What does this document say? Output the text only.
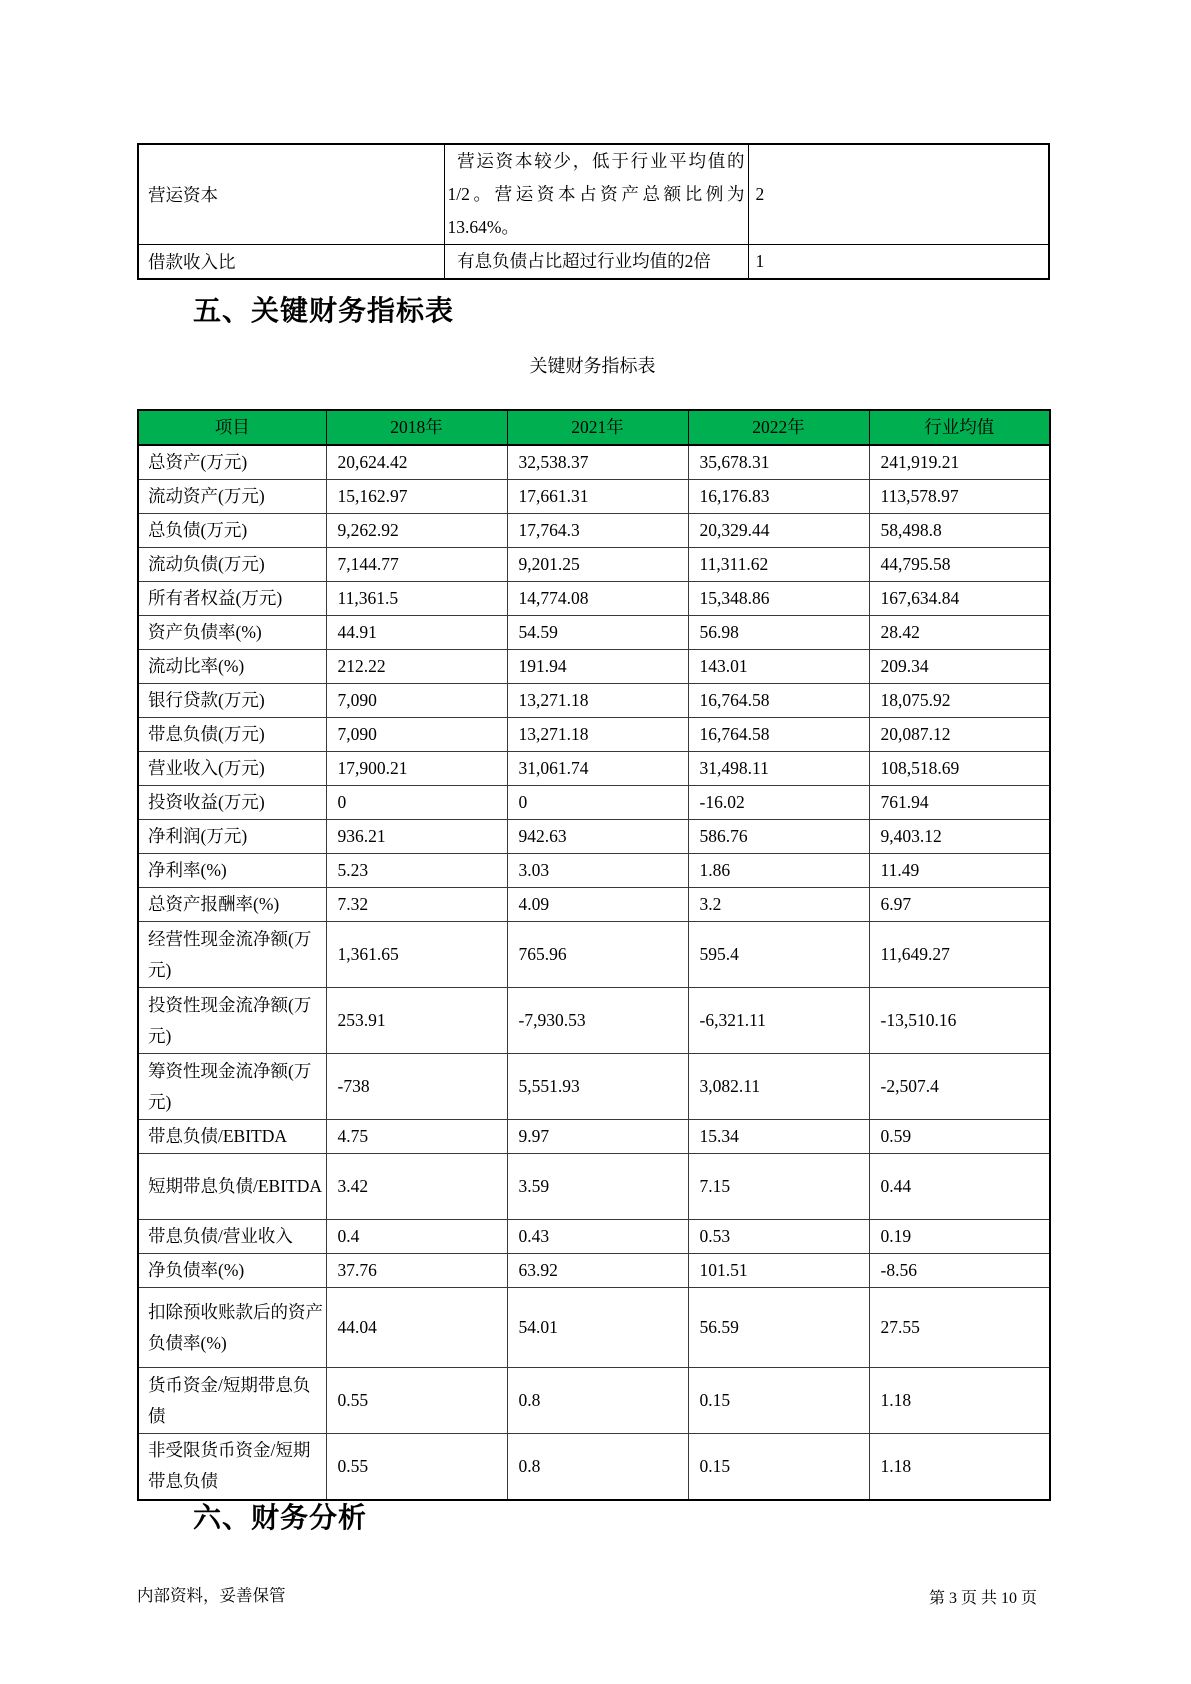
营运资本	营运资本较少，低于行业平均值的1/2。营运资本占资产总额比例为13.64%。	2
借款收入比	有息负债占比超过行业均值的2倍	1
五、关键财务指标表
关键财务指标表
项目	2018年	2021年	2022年	行业均值
总资产(万元)	20,624.42	32,538.37	35,678.31	241,919.21
流动资产(万元)	15,162.97	17,661.31	16,176.83	113,578.97
总负债(万元)	9,262.92	17,764.3	20,329.44	58,498.8
流动负债(万元)	7,144.77	9,201.25	11,311.62	44,795.58
所有者权益(万元)	11,361.5	14,774.08	15,348.86	167,634.84
资产负债率(%)	44.91	54.59	56.98	28.42
流动比率(%)	212.22	191.94	143.01	209.34
银行贷款(万元)	7,090	13,271.18	16,764.58	18,075.92
带息负债(万元)	7,090	13,271.18	16,764.58	20,087.12
营业收入(万元)	17,900.21	31,061.74	31,498.11	108,518.69
投资收益(万元)	0	0	-16.02	761.94
净利润(万元)	936.21	942.63	586.76	9,403.12
净利率(%)	5.23	3.03	1.86	11.49
总资产报酬率(%)	7.32	4.09	3.2	6.97
经营性现金流净额(万元)	1,361.65	765.96	595.4	11,649.27
投资性现金流净额(万元)	253.91	-7,930.53	-6,321.11	-13,510.16
筹资性现金流净额(万元)	-738	5,551.93	3,082.11	-2,507.4
带息负债/EBITDA	4.75	9.97	15.34	0.59
短期带息负债/EBITDA	3.42	3.59	7.15	0.44
带息负债/营业收入	0.4	0.43	0.53	0.19
净负债率(%)	37.76	63.92	101.51	-8.56
扣除预收账款后的资产负债率(%)	44.04	54.01	56.59	27.55
货币资金/短期带息负债	0.55	0.8	0.15	1.18
非受限货币资金/短期带息负债	0.55	0.8	0.15	1.18
六、财务分析
内部资料，妥善保管	第 3 页 共 10 页
